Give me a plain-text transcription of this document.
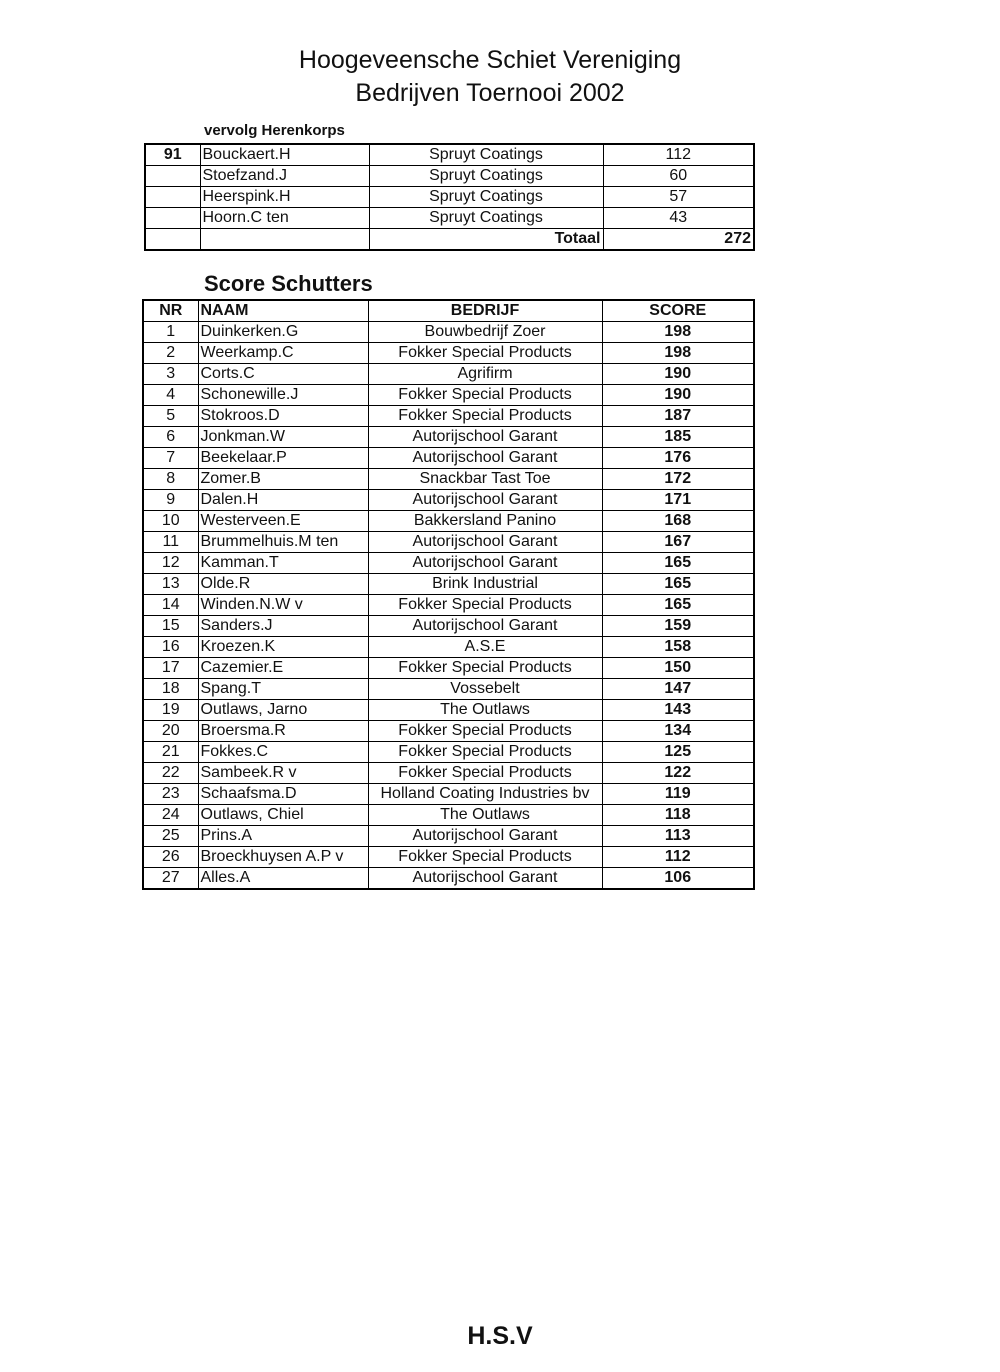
Hoogeveensche Schiet Vereniging
Bedrijven Toernooi 2002
vervolg Herenkorps
91	Bouckaert.H	Spruyt Coatings	112
	Stoefzand.J	Spruyt Coatings	60
	Heerspink.H	Spruyt Coatings	57
	Hoorn.C ten	Spruyt Coatings	43
		Totaal	272
Score Schutters
NR	NAAM	BEDRIJF	SCORE
1	Duinkerken.G	Bouwbedrijf Zoer	198
2	Weerkamp.C	Fokker Special Products	198
3	Corts.C	Agrifirm	190
4	Schonewille.J	Fokker Special Products	190
5	Stokroos.D	Fokker Special Products	187
6	Jonkman.W	Autorijschool Garant	185
7	Beekelaar.P	Autorijschool Garant	176
8	Zomer.B	Snackbar Tast Toe	172
9	Dalen.H	Autorijschool Garant	171
10	Westerveen.E	Bakkersland Panino	168
11	Brummelhuis.M ten	Autorijschool Garant	167
12	Kamman.T	Autorijschool Garant	165
13	Olde.R	Brink Industrial	165
14	Winden.N.W v	Fokker Special Products	165
15	Sanders.J	Autorijschool Garant	159
16	Kroezen.K	A.S.E	158
17	Cazemier.E	Fokker Special Products	150
18	Spang.T	Vossebelt	147
19	Outlaws, Jarno	The Outlaws	143
20	Broersma.R	Fokker Special Products	134
21	Fokkes.C	Fokker Special Products	125
22	Sambeek.R v	Fokker Special Products	122
23	Schaafsma.D	Holland Coating Industries bv	119
24	Outlaws, Chiel	The Outlaws	118
25	Prins.A	Autorijschool Garant	113
26	Broeckhuysen A.P v	Fokker Special Products	112
27	Alles.A	Autorijschool Garant	106
H.S.V
